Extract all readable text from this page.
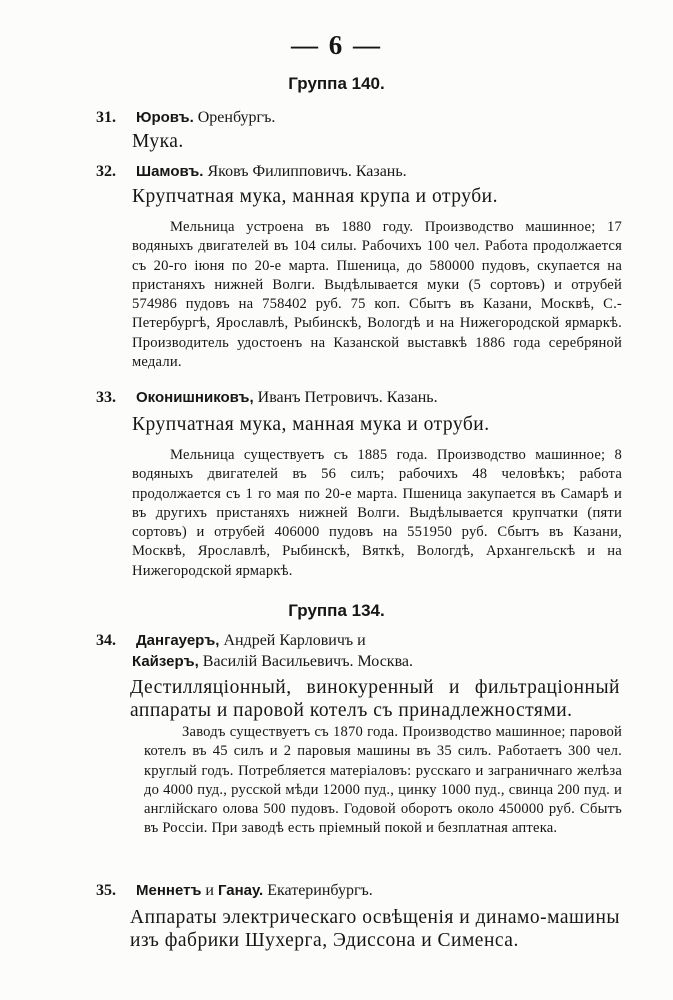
— 6 —
Группа 140.
31. Юровъ. Оренбургъ.
Мука.
32. Шамовъ. Яковъ Филипповичъ. Казань.
Крупчатная мука, манная крупа и отруби.
Мельница устроена въ 1880 году. Производство машинное; 17 водяныхъ двигателей въ 104 силы. Рабочихъ 100 чел. Работа продолжается съ 20-го iюня по 20-е марта. Пшеница, до 580000 пудовъ, скупается на пристаняхъ нижней Волги. Выдѣлывается муки (5 сортовъ) и отрубей 574986 пудовъ на 758402 руб. 75 коп. Сбытъ въ Казани, Москвѣ, С.-Петербургѣ, Ярославлѣ, Рыбинскѣ, Вологдѣ и на Нижегородской ярмаркѣ. Производитель удостоенъ на Казанской выставкѣ 1886 года серебряной медали.
33. Оконишниковъ, Иванъ Петровичъ. Казань.
Крупчатная мука, манная мука и отруби.
Мельница существуетъ съ 1885 года. Производство машинное; 8 водяныхъ двигателей въ 56 силъ; рабочихъ 48 человѣкъ; работа продолжается съ 1 го мая по 20-е марта. Пшеница закупается въ Самарѣ и въ другихъ пристаняхъ нижней Волги. Выдѣлывается крупчатки (пяти сортовъ) и отрубей 406000 пудовъ на 551950 руб. Сбытъ въ Казани, Москвѣ, Ярославлѣ, Рыбинскѣ, Вяткѣ, Вологдѣ, Архангельскѣ и на Нижегородской ярмаркѣ.
Группа 134.
34. Дангауеръ, Андрей Карловичъ и
Кайзеръ, Василій Васильевичъ. Москва.
Дестилляціонный, винокуренный и фильтраціонный аппараты и паровой котелъ съ принадлежностями.
Заводъ существуетъ съ 1870 года. Производство машинное; паровой котелъ въ 45 силъ и 2 паровыя машины въ 35 силъ. Работаетъ 300 чел. круглый годъ. Потребляется матеріаловъ: русскаго и заграничнаго желѣза до 4000 пуд., русской мѣди 12000 пуд., цинку 1000 пуд., свинца 200 пуд. и англійскаго олова 500 пудовъ. Годовой оборотъ около 450000 руб. Сбытъ въ Россіи. При заводѣ есть пріемный покой и безплатная аптека.
35. Меннетъ и Ганау. Екатеринбургъ.
Аппараты электрическаго освѣщенія и динамо-машины изъ фабрики Шухерга, Эдиссона и Сименса.
